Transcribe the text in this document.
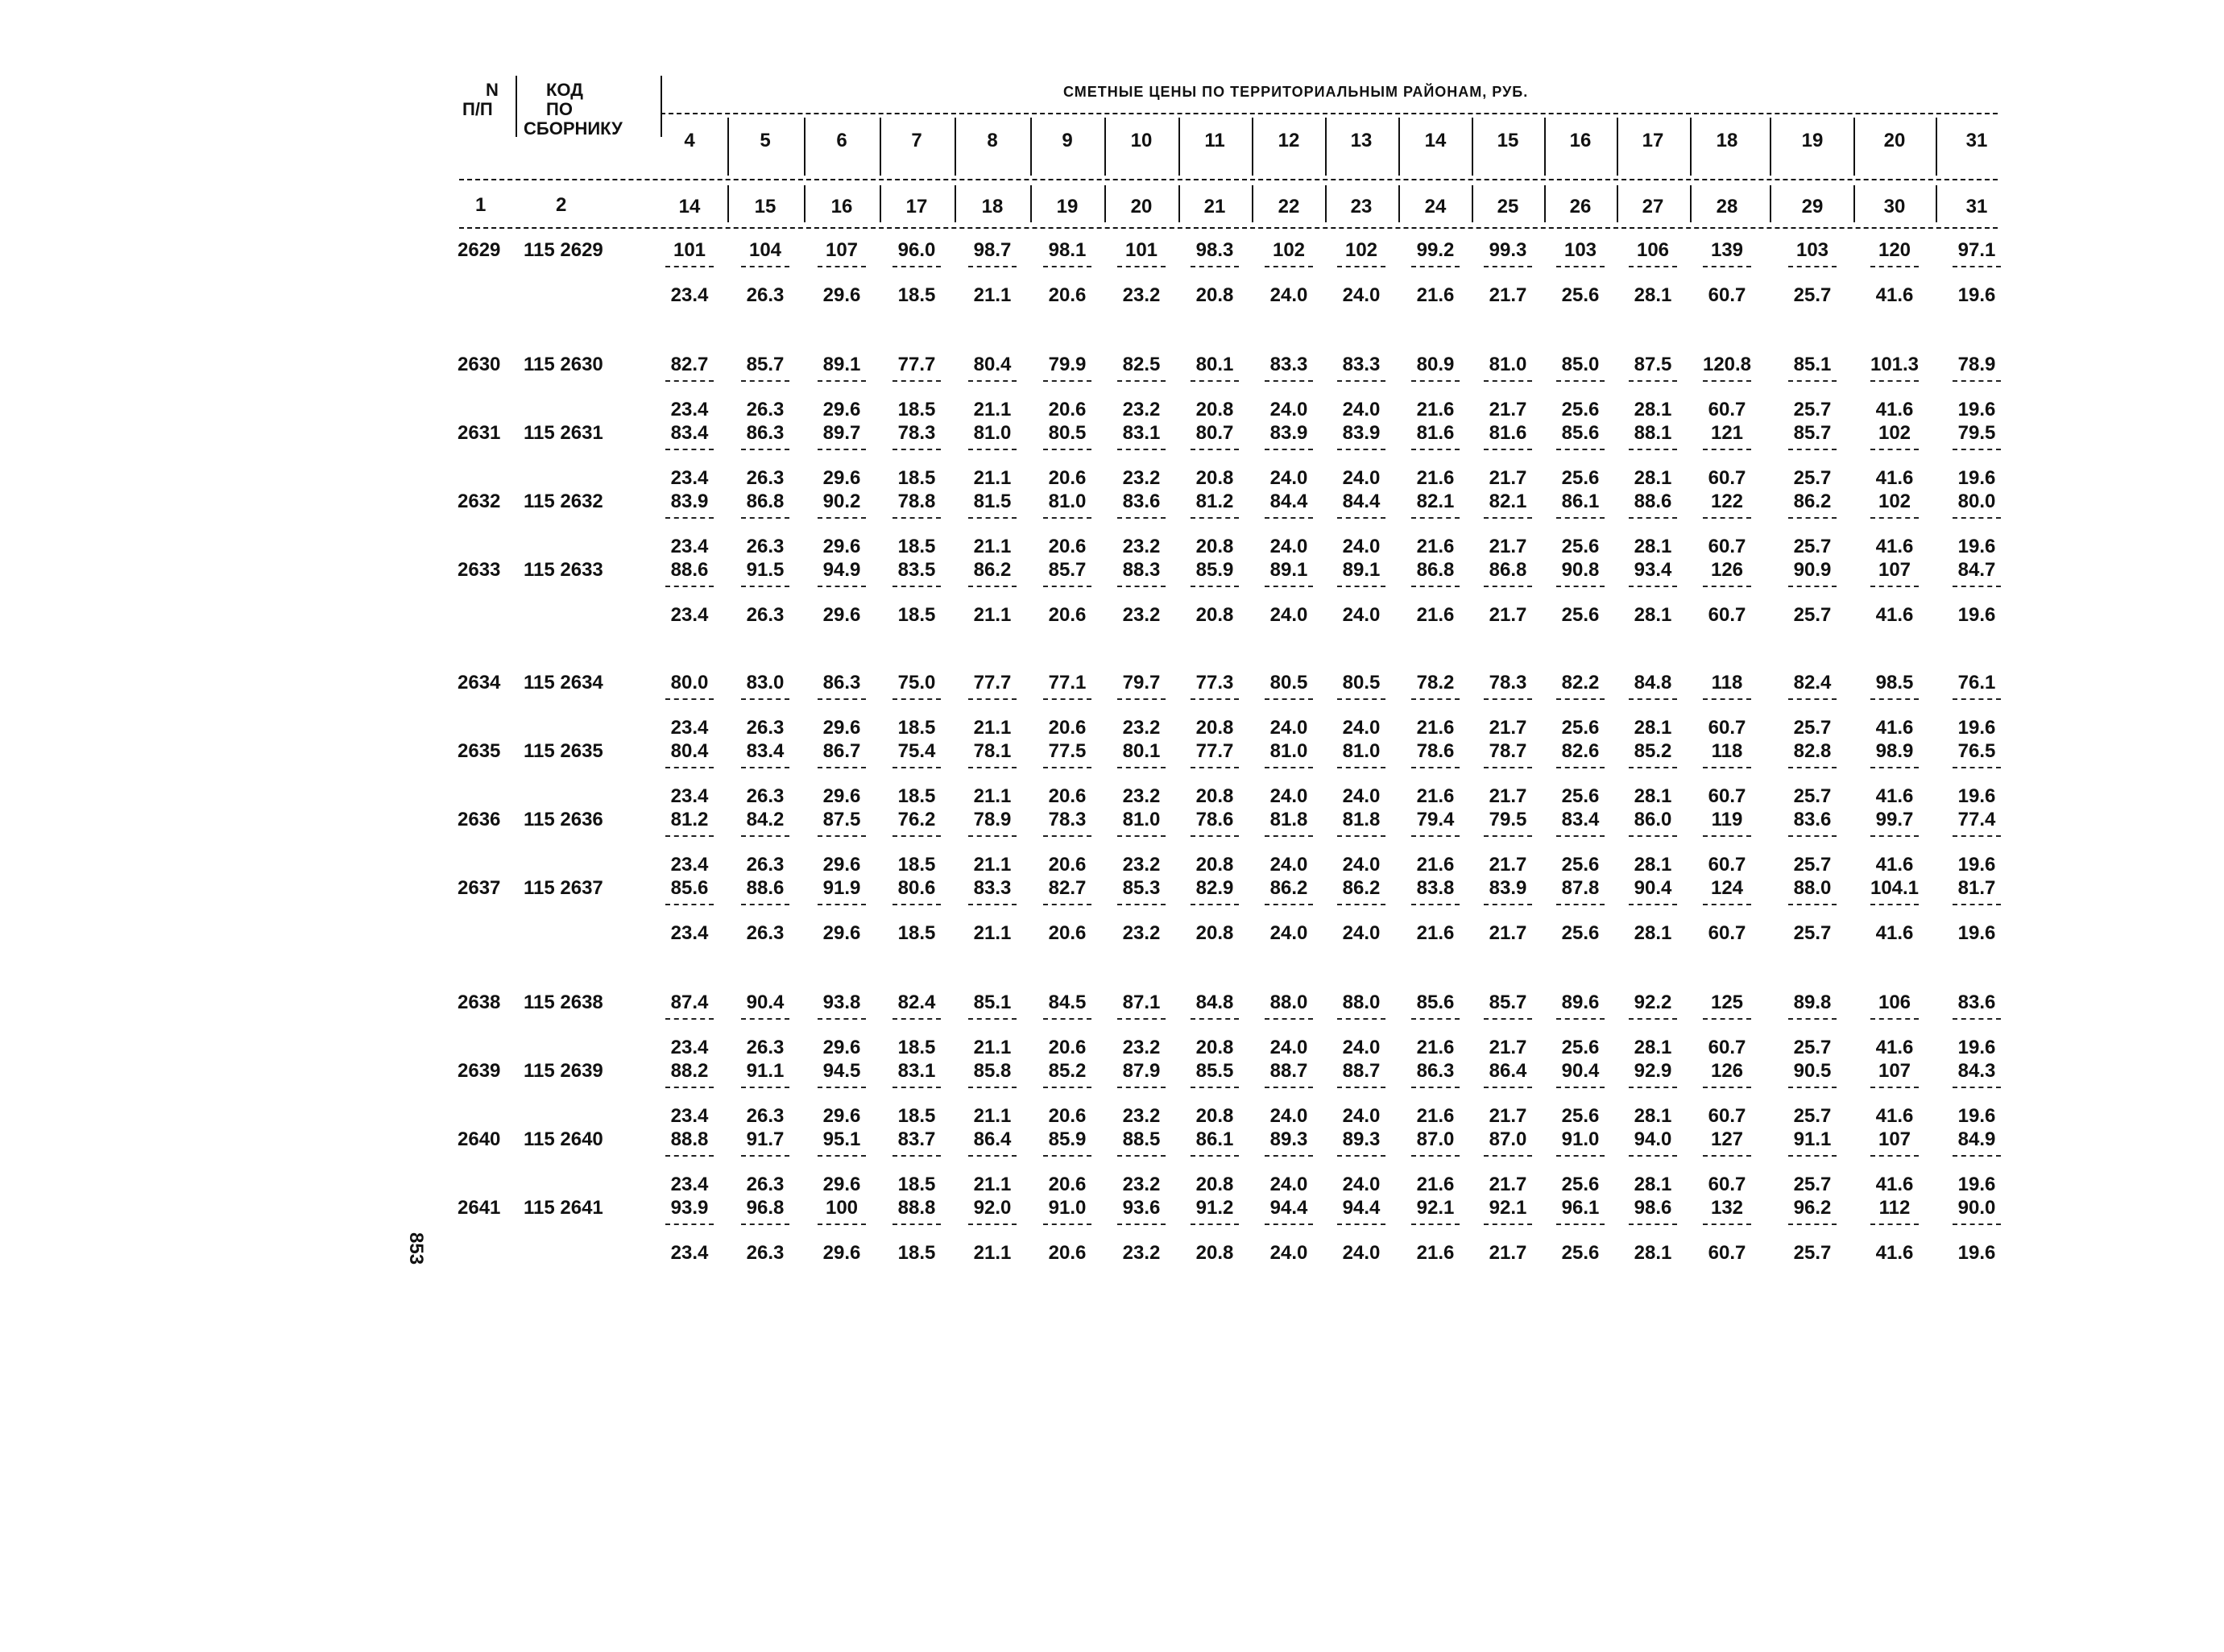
N
П/П
КОД
ПО
СБОРНИКУ
СМЕТНЫЕ ЦЕНЫ ПО ТЕРРИТОРИАЛЬНЫМ РАЙОНАМ, РУБ.
4	5	6	7	8	9	10	11	12	13	14	15	16	17	18	19	20	31
14	15	16	17	18	19	20	21	22	23	24	25	26	27	28	29	30	31
1	2
2629 115 2629	101	104	107	96.0	98.7	98.1	101	98.3	102	102	99.2	99.3	103	106	139	103	120	97.1
23.4	26.3	29.6	18.5	21.1	20.6	23.2	20.8	24.0	24.0	21.6	21.7	25.6	28.1	60.7	25.7	41.6	19.6
2630 115 2630	82.7	85.7	89.1	77.7	80.4	79.9	82.5	80.1	83.3	83.3	80.9	81.0	85.0	87.5	120.8	85.1	101.3	78.9
23.4	26.3	29.6	18.5	21.1	20.6	23.2	20.8	24.0	24.0	21.6	21.7	25.6	28.1	60.7	25.7	41.6	19.6
2631 115 2631	83.4	86.3	89.7	78.3	81.0	80.5	83.1	80.7	83.9	83.9	81.6	81.6	85.6	88.1	121	85.7	102	79.5
23.4	26.3	29.6	18.5	21.1	20.6	23.2	20.8	24.0	24.0	21.6	21.7	25.6	28.1	60.7	25.7	41.6	19.6
2632 115 2632	83.9	86.8	90.2	78.8	81.5	81.0	83.6	81.2	84.4	84.4	82.1	82.1	86.1	88.6	122	86.2	102	80.0
23.4	26.3	29.6	18.5	21.1	20.6	23.2	20.8	24.0	24.0	21.6	21.7	25.6	28.1	60.7	25.7	41.6	19.6
2633 115 2633	88.6	91.5	94.9	83.5	86.2	85.7	88.3	85.9	89.1	89.1	86.8	86.8	90.8	93.4	126	90.9	107	84.7
23.4	26.3	29.6	18.5	21.1	20.6	23.2	20.8	24.0	24.0	21.6	21.7	25.6	28.1	60.7	25.7	41.6	19.6
2634 115 2634	80.0	83.0	86.3	75.0	77.7	77.1	79.7	77.3	80.5	80.5	78.2	78.3	82.2	84.8	118	82.4	98.5	76.1
23.4	26.3	29.6	18.5	21.1	20.6	23.2	20.8	24.0	24.0	21.6	21.7	25.6	28.1	60.7	25.7	41.6	19.6
2635 115 2635	80.4	83.4	86.7	75.4	78.1	77.5	80.1	77.7	81.0	81.0	78.6	78.7	82.6	85.2	118	82.8	98.9	76.5
23.4	26.3	29.6	18.5	21.1	20.6	23.2	20.8	24.0	24.0	21.6	21.7	25.6	28.1	60.7	25.7	41.6	19.6
2636 115 2636	81.2	84.2	87.5	76.2	78.9	78.3	81.0	78.6	81.8	81.8	79.4	79.5	83.4	86.0	119	83.6	99.7	77.4
23.4	26.3	29.6	18.5	21.1	20.6	23.2	20.8	24.0	24.0	21.6	21.7	25.6	28.1	60.7	25.7	41.6	19.6
2637 115 2637	85.6	88.6	91.9	80.6	83.3	82.7	85.3	82.9	86.2	86.2	83.8	83.9	87.8	90.4	124	88.0	104.1	81.7
23.4	26.3	29.6	18.5	21.1	20.6	23.2	20.8	24.0	24.0	21.6	21.7	25.6	28.1	60.7	25.7	41.6	19.6
2638 115 2638	87.4	90.4	93.8	82.4	85.1	84.5	87.1	84.8	88.0	88.0	85.6	85.7	89.6	92.2	125	89.8	106	83.6
23.4	26.3	29.6	18.5	21.1	20.6	23.2	20.8	24.0	24.0	21.6	21.7	25.6	28.1	60.7	25.7	41.6	19.6
2639 115 2639	88.2	91.1	94.5	83.1	85.8	85.2	87.9	85.5	88.7	88.7	86.3	86.4	90.4	92.9	126	90.5	107	84.3
23.4	26.3	29.6	18.5	21.1	20.6	23.2	20.8	24.0	24.0	21.6	21.7	25.6	28.1	60.7	25.7	41.6	19.6
2640 115 2640	88.8	91.7	95.1	83.7	86.4	85.9	88.5	86.1	89.3	89.3	87.0	87.0	91.0	94.0	127	91.1	107	84.9
23.4	26.3	29.6	18.5	21.1	20.6	23.2	20.8	24.0	24.0	21.6	21.7	25.6	28.1	60.7	25.7	41.6	19.6
2641 115 2641	93.9	96.8	100	88.8	92.0	91.0	93.6	91.2	94.4	94.4	92.1	92.1	96.1	98.6	132	96.2	112	90.0
23.4	26.3	29.6	18.5	21.1	20.6	23.2	20.8	24.0	24.0	21.6	21.7	25.6	28.1	60.7	25.7	41.6	19.6
853
